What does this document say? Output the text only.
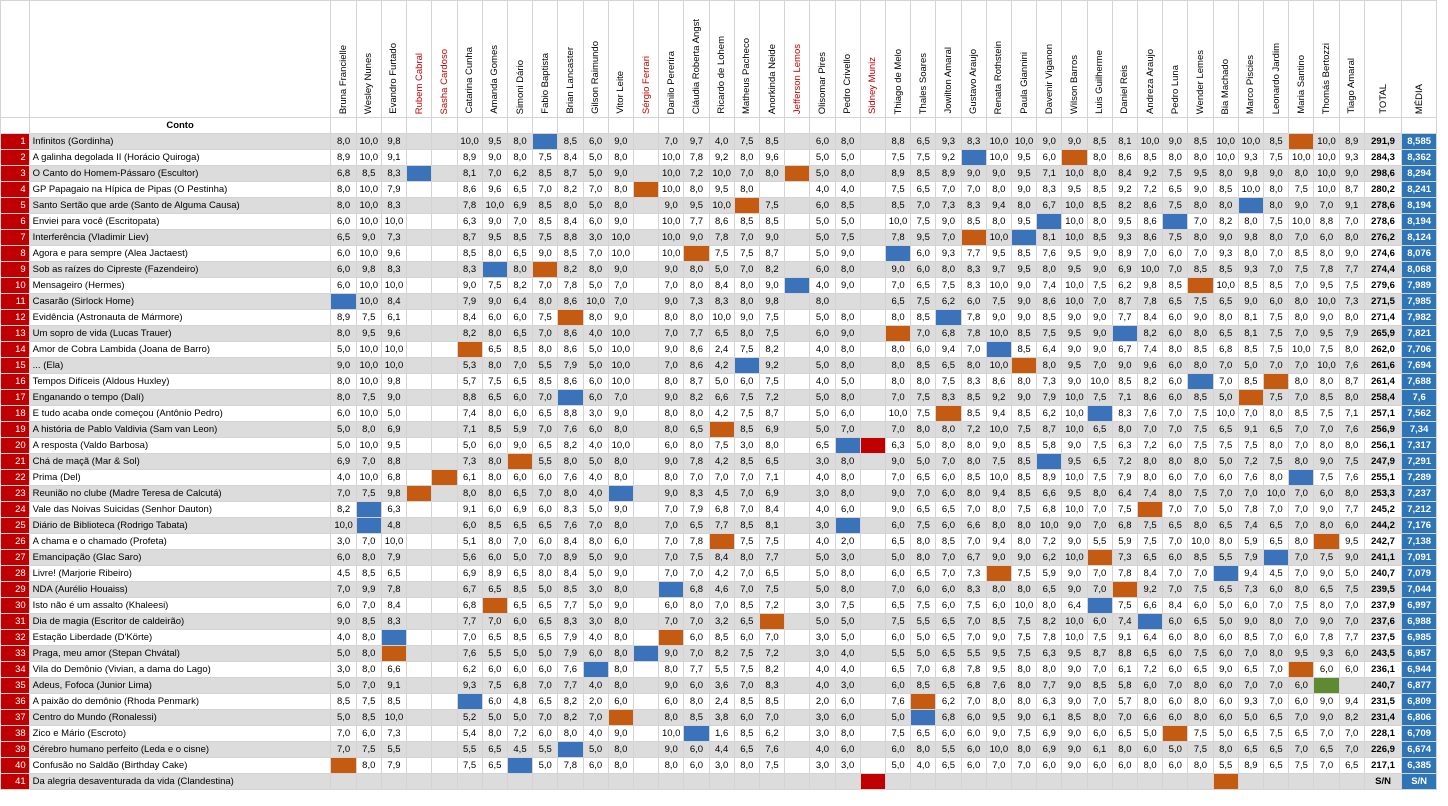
		Bruna Francielle	Wesley Nunes	Evandro Furtado	Rubem Cabral	Sasha Cardoso	Catarina Cunha	Amanda Gomes	Simoni Dário	Fabio Baptista	Brian Lancaster	Gilson Raimundo	Vitor Leite	Sérgio Ferrari	Danilo Pererira	Cláudia Roberta Angst	Ricardo de Lohem	Matheus Pacheco	Anorkinda Neide	Jefferson Lemos	Olisomar Pires	Pedro Crivello	Sidney Muniz	Thiago de Melo	Thales Soares	Jowilton Amaral	Gustavo Araujo	Renata Rothstein	Paula Giannini	Davenir Viganon	Wilson Barros	Luis Guilherme	Daniel Reis	Andreza Araujo	Pedro Luna	Wender Lemes	Bia Machado	Marco Piscies	Leonardo Jardim	Maria Santino	Thomás Bertozzi	Tiago Amaral	TOTAL	MÉDIA
	Conto																																											
1	Infinitos (Gordinha)	8,0	10,0	9,8			10,0	9,5	8,0		8,5	6,0	9,0		7,0	9,7	4,0	7,5	8,5		6,0	8,0		8,8	6,5	9,3	8,3	10,0	10,0	9,0	9,0	8,5	8,1	10,0	9,0	8,5	10,0	10,0	8,5		10,0	8,9	291,9	8,585
2	A galinha degolada II (Horácio Quiroga)	8,9	10,0	9,1			8,9	9,0	8,0	7,5	8,4	5,0	8,0		10,0	7,8	9,2	8,0	9,6		5,0	5,0		7,5	7,5	9,2		10,0	9,5	6,0		8,0	8,6	8,5	8,0	8,0	10,0	9,3	7,5	10,0	10,0	9,3	284,3	8,362
3	O Canto do Homem-Pássaro (Escultor)	6,8	8,5	8,3			8,1	7,0	6,2	8,5	8,7	5,0	9,0		10,0	7,2	10,0	7,0	8,0		5,0	8,0		8,9	8,5	8,9	9,0	9,0	9,5	7,1	10,0	8,0	8,4	9,2	7,5	9,5	8,0	9,8	9,0	8,0	10,0	9,0	298,6	8,294
4	GP Papagaio na Hípica de Pipas (O Pestinha)	8,0	10,0	7,9			8,6	9,6	6,5	7,0	8,2	7,0	8,0		10,0	8,0	9,5	8,0			4,0	4,0		7,5	6,5	7,0	7,0	8,0	9,0	8,3	9,5	8,5	9,2	7,2	6,5	9,0	8,5	10,0	8,0	7,5	10,0	8,7	280,2	8,241
5	Santo Sertão que arde (Santo de Alguma Causa)	8,0	10,0	8,3			7,8	10,0	6,9	8,5	8,0	5,0	8,0		9,0	9,5	10,0		7,5		6,0	8,5		8,5	7,0	7,3	8,3	9,4	8,0	6,7	10,0	8,5	8,2	8,6	7,5	8,0	8,0		8,0	9,0	7,0	9,1	278,6	8,194
6	Enviei para você (Escritopata)	6,0	10,0	10,0			6,3	9,0	7,0	8,5	8,4	6,0	9,0		10,0	7,7	8,6	8,5	8,5		5,0	5,0		10,0	7,5	9,0	8,5	8,0	9,5		10,0	8,0	9,5	8,6		7,0	8,2	8,0	7,5	10,0	8,8	7,0	278,6	8,194
7	Interferência (Vladimir Liev)	6,5	9,0	7,3			8,7	9,5	8,5	7,5	8,8	3,0	10,0		10,0	9,0	7,8	7,0	9,0		5,0	7,5		7,8	9,5	7,0		10,0		8,1	10,0	8,5	9,3	8,6	7,5	8,0	9,0	9,8	8,0	7,0	6,0	8,0	276,2	8,124
8	Agora e para sempre (Alea Jactaest)	6,0	10,0	9,6			8,5	8,0	6,5	9,0	8,5	7,0	10,0		10,0		7,5	7,5	8,7		5,0	9,0			6,0	9,3	7,7	9,5	8,5	7,6	9,5	9,0	8,9	7,0	6,0	7,0	9,3	8,0	7,0	8,5	8,0	9,0	274,6	8,076
9	Sob as raízes do Cipreste (Fazendeiro)	6,0	9,8	8,3			8,3		8,0		8,2	8,0	9,0		9,0	8,0	5,0	7,0	8,2		6,0	8,0		9,0	6,0	8,0	8,3	9,7	9,5	8,0	9,5	9,0	6,9	10,0	7,0	8,5	8,5	9,3	7,0	7,5	7,8	7,7	274,4	8,068
10	Mensageiro (Hermes)	6,0	10,0	10,0			9,0	7,5	8,2	7,0	7,8	5,0	7,0		7,0	8,0	8,4	8,0	9,0		4,0	9,0		7,0	6,5	7,5	8,3	10,0	9,0	7,4	10,0	7,5	6,2	9,8	8,5		10,0	8,5	8,5	7,0	9,5	7,5	279,6	7,989
11	Casarão (Sirlock Home)		10,0	8,4			7,9	9,0	6,4	8,0	8,6	10,0	7,0		9,0	7,3	8,3	8,0	9,8		8,0			6,5	7,5	6,2	6,0	7,5	9,0	8,6	10,0	7,0	8,7	7,8	6,5	7,5	6,5	9,0	6,0	8,0	10,0	7,3	271,5	7,985
12	Evidência (Astronauta de Mármore)	8,9	7,5	6,1			8,4	6,0	6,0	7,5		8,0	9,0		8,0	8,0	10,0	9,0	7,5		5,0	8,0		8,0	8,5		7,8	9,0	9,0	8,5	9,0	9,0	7,7	8,4	6,0	9,0	8,0	8,1	7,5	8,0	9,0	8,0	271,4	7,982
13	Um sopro de vida (Lucas Trauer)	8,0	9,5	9,6			8,2	8,0	6,5	7,0	8,6	4,0	10,0		7,0	7,7	6,5	8,0	7,5		6,0	9,0			7,0	6,8	7,8	10,0	8,5	7,5	9,5	9,0		8,2	6,0	8,0	6,5	8,1	7,5	7,0	9,5	7,9	265,9	7,821
14	Amor de Cobra Lambida (Joana de Barro)	5,0	10,0	10,0				6,5	8,5	8,0	8,6	5,0	10,0		9,0	8,6	2,4	7,5	8,2		4,0	8,0		8,0	6,0	9,4	7,0		8,5	6,4	9,0	9,0	6,7	7,4	8,0	8,5	6,8	8,5	7,5	10,0	7,5	8,0	262,0	7,706
15	... (Ela)	9,0	10,0	10,0			5,3	8,0	7,0	5,5	7,9	5,0	10,0		7,0	8,6	4,2		9,2		5,0	8,0		8,0	8,5	6,5	8,0	10,0		8,0	9,5	7,0	9,0	9,6	6,0	8,0	7,0	5,0	7,0	7,0	10,0	7,6	261,6	7,694
16	Tempos Difíceis (Aldous Huxley)	8,0	10,0	9,8			5,7	7,5	6,5	8,5	8,6	6,0	10,0		8,0	8,7	5,0	6,0	7,5		4,0	5,0		8,0	8,0	7,5	8,3	8,6	8,0	7,3	9,0	10,0	8,5	8,2	6,0		7,0	8,5		8,0	8,0	8,7	261,4	7,688
17	Enganando o tempo (Dalí)	8,0	7,5	9,0			8,8	6,5	6,0	7,0		6,0	7,0		9,0	8,2	6,6	7,5	7,2		5,0	8,0		7,0	7,5	8,3	8,5	9,2	9,0	7,9	10,0	7,5	7,1	8,6	6,0	8,5	5,0		7,5	7,0	8,5	8,0	258,4	7,6
18	E tudo acaba onde começou (Antônio Pedro)	6,0	10,0	5,0			7,4	8,0	6,0	6,5	8,8	3,0	9,0		8,0	8,0	4,2	7,5	8,7		5,0	6,0		10,0	7,5		8,5	9,4	8,5	6,2	10,0		8,3	7,6	7,0	7,5	10,0	7,0	8,0	8,5	7,5	7,1	257,1	7,562
19	A história de Pablo Valdivia (Sam van Leon)	5,0	8,0	6,9			7,1	8,5	5,9	7,0	7,6	6,0	8,0		8,0	6,5		8,5	6,9		5,0	7,0		7,0	8,0	8,0	7,2	10,0	7,5	8,7	10,0	6,5	8,0	7,0	7,0	7,5	6,5	9,1	6,5	7,0	7,0	7,6	256,9	7,34
20	A resposta (Valdo Barbosa)	5,0	10,0	9,5			5,0	6,0	9,0	6,5	8,2	4,0	10,0		6,0	8,0	7,5	3,0	8,0		6,5			6,3	5,0	8,0	8,0	9,0	8,5	5,8	9,0	7,5	6,3	7,2	6,0	7,5	7,5	7,5	8,0	7,0	8,0	8,0	256,1	7,317
21	Chá de maçã (Mar & Sol)	6,9	7,0	8,8			7,3	8,0		5,5	8,0	5,0	8,0		9,0	7,8	4,2	8,5	6,5		3,0	8,0		9,0	5,0	7,0	8,0	7,5	8,5		9,5	6,5	7,2	8,0	8,0	8,0	5,0	7,2	7,5	8,0	9,0	7,5	247,9	7,291
22	Prima (Del)	4,0	10,0	6,8			6,1	8,0	6,0	6,0	7,6	4,0	8,0		8,0	7,0	7,0	7,0	7,1		4,0	8,0		7,0	6,5	6,0	8,5	10,0	8,5	8,9	10,0	7,5	7,9	8,0	6,0	7,0	6,0	7,6	8,0		7,5	7,6	255,1	7,289
23	Reunião no clube (Madre Teresa de Calcutá)	7,0	7,5	9,8			8,0	8,0	6,5	7,0	8,0	4,0			9,0	8,3	4,5	7,0	6,9		3,0	8,0		9,0	7,0	6,0	8,0	9,4	8,5	6,6	9,5	8,0	6,4	7,4	8,0	7,5	7,0	7,0	10,0	7,0	6,0	8,0	253,3	7,237
24	Vale das Noivas Suicidas (Senhor Dauton)	8,2		6,3			9,1	6,0	6,9	6,0	8,3	5,0	9,0		7,0	7,9	6,8	7,0	8,4		4,0	6,0		9,0	6,5	6,5	7,0	8,0	7,5	6,8	10,0	7,0	7,5		7,0	7,0	5,0	7,8	7,0	7,0	9,0	7,7	245,2	7,212
25	Diário de Biblioteca (Rodrigo Tabata)	10,0		4,8			6,0	8,5	6,5	6,5	7,6	7,0	8,0		7,0	6,5	7,7	8,5	8,1		3,0			6,0	7,5	6,0	6,6	8,0	8,0	10,0	9,0	7,0	6,8	7,5	6,5	8,0	6,5	7,4	6,5	7,0	8,0	6,0	244,2	7,176
26	A chama e o chamado (Profeta)	3,0	7,0	10,0			5,1	8,0	7,0	6,0	8,4	8,0	6,0		7,0	7,8		7,5	7,5		4,0	2,0		6,5	8,0	8,5	7,0	9,4	8,0	7,2	9,0	5,5	5,9	7,5	7,0	10,0	8,0	5,9	6,5	8,0		9,5	242,7	7,138
27	Emancipação (Glac Saro)	6,0	8,0	7,9			5,6	6,0	5,0	7,0	8,9	5,0	9,0		7,0	7,5	8,4	8,0	7,7		5,0	3,0		5,0	8,0	7,0	6,7	9,0	9,0	6,2	10,0		7,3	6,5	6,0	8,5	5,5	7,9		7,0	7,5	9,0	241,1	7,091
28	Livre! (Marjorie Ribeiro)	4,5	8,5	6,5			6,9	8,9	6,5	8,0	8,4	5,0	9,0		7,0	7,0	4,2	7,0	6,5		5,0	8,0		6,0	6,5	7,0	7,3		7,5	5,9	9,0	7,0	7,8	8,4	7,0	7,0		9,4	4,5	7,0	9,0	5,0	240,7	7,079
29	NDA (Aurélio Houaiss)	7,0	9,9	7,8			6,7	6,5	8,5	5,0	8,5	3,0	8,0			6,8	4,6	7,0	7,5		5,0	8,0		7,0	6,0	6,0	8,3	8,0	8,0	6,5	9,0	7,0		9,2	7,0	7,5	6,5	7,3	6,0	8,0	6,5	7,5	239,5	7,044
30	Isto não é um assalto (Khaleesi)	6,0	7,0	8,4			6,8		6,5	6,5	7,7	5,0	9,0		6,0	8,0	7,0	8,5	7,2		3,0	7,5		6,5	7,5	6,0	7,5	6,0	10,0	8,0	6,4		7,5	6,6	8,4	6,0	5,0	6,0	7,0	7,5	8,0	7,0	237,9	6,997
31	Dia de magia (Escritor de caldeirão)	9,0	8,5	8,3			7,7	7,0	6,0	6,5	8,3	3,0	8,0		7,0	7,0	3,2	6,5			5,0	5,0		7,5	5,5	6,5	7,0	8,5	7,5	8,2	10,0	6,0	7,4		6,0	6,5	5,0	9,0	8,0	7,0	9,0	7,0	237,6	6,988
32	Estação Liberdade (D'Körte)	4,0	8,0				7,0	6,5	8,5	6,5	7,9	4,0	8,0			6,0	8,5	6,0	7,0		3,0	5,0		6,0	5,0	6,5	7,0	9,0	7,5	7,8	10,0	7,5	9,1	6,4	6,0	8,0	6,0	8,5	7,0	6,0	7,8	7,7	237,5	6,985
33	Praga, meu amor (Stepan Chvátal)	5,0	8,0				7,6	5,5	5,0	5,0	7,9	6,0	8,0		9,0	7,0	8,2	7,5	7,2		3,0	4,0		5,5	5,0	6,5	5,5	9,5	7,5	6,3	9,5	8,7	8,8	6,5	6,0	7,5	6,0	7,0	8,0	9,5	9,3	6,0	243,5	6,957
34	Vila do Demônio (Vivian, a dama do Lago)	3,0	8,0	6,6			6,2	6,0	6,0	6,0	7,6		8,0		8,0	7,7	5,5	7,5	8,2		4,0	4,0		6,5	7,0	6,8	7,8	9,5	8,0	8,0	9,0	7,0	6,1	7,2	6,0	6,5	9,0	6,5	7,0		6,0	6,0	236,1	6,944
35	Adeus, Fofoca (Junior Lima)	5,0	7,0	9,1			9,3	7,5	6,8	7,0	7,7	4,0	8,0		9,0	6,0	3,6	7,0	8,3		4,0	3,0		6,0	8,5	6,5	6,8	7,6	8,0	7,7	9,0	8,5	5,8	6,0	7,0	8,0	6,0	7,0	7,0	6,0			240,7	6,877
36	A paixão do demônio (Rhoda Penmark)	8,5	7,5	8,5				6,0	4,8	6,5	8,2	2,0	6,0		6,0	8,0	2,4	8,5	8,5		2,0	6,0		7,6		6,2	7,0	8,0	8,0	6,3	9,0	7,0	5,7	8,0	6,0	8,0	6,0	9,3	7,0	6,0	9,0	9,4	231,5	6,809
37	Centro do Mundo (Ronalessi)	5,0	8,5	10,0			5,2	5,0	5,0	7,0	8,2	7,0			8,0	8,5	3,8	6,0	7,0		3,0	6,0		5,0		6,8	6,0	9,5	9,0	6,1	8,5	8,0	7,0	6,6	6,0	8,0	6,0	5,0	6,5	7,0	9,0	8,2	231,4	6,806
38	Zico e Mário (Escroto)	7,0	6,0	7,3			5,4	8,0	7,2	6,0	8,0	4,0	9,0		10,0		1,6	8,5	6,2		3,0	8,0		7,5	6,5	6,0	6,0	9,0	7,5	6,9	9,0	6,0	6,5	5,0		7,5	5,0	6,5	7,5	6,5	7,0	7,0	228,1	6,709
39	Cérebro humano perfeito (Leda e o cisne)	7,0	7,5	5,5			5,5	6,5	4,5	5,5		5,0	8,0		9,0	6,0	4,4	6,5	7,6		4,0	6,0		6,0	8,0	5,5	6,0	10,0	8,0	6,9	9,0	6,1	8,0	6,0	5,0	7,5	8,0	6,5	6,5	7,0	6,5	7,0	226,9	6,674
40	Confusão no Saldão (Birthday Cake)		8,0	7,9			7,5	6,5		5,0	7,8	6,0	8,0		8,0	6,0	3,0	8,0	7,5		3,0	3,0		5,0	4,0	6,5	6,0	7,0	7,0	6,0	9,0	6,0	6,0	8,0	6,0	8,0	5,5	8,9	6,5	7,5	7,0	6,5	217,1	6,385
41	Da alegria desaventurada da vida (Clandestina)																																										S/N	S/N
